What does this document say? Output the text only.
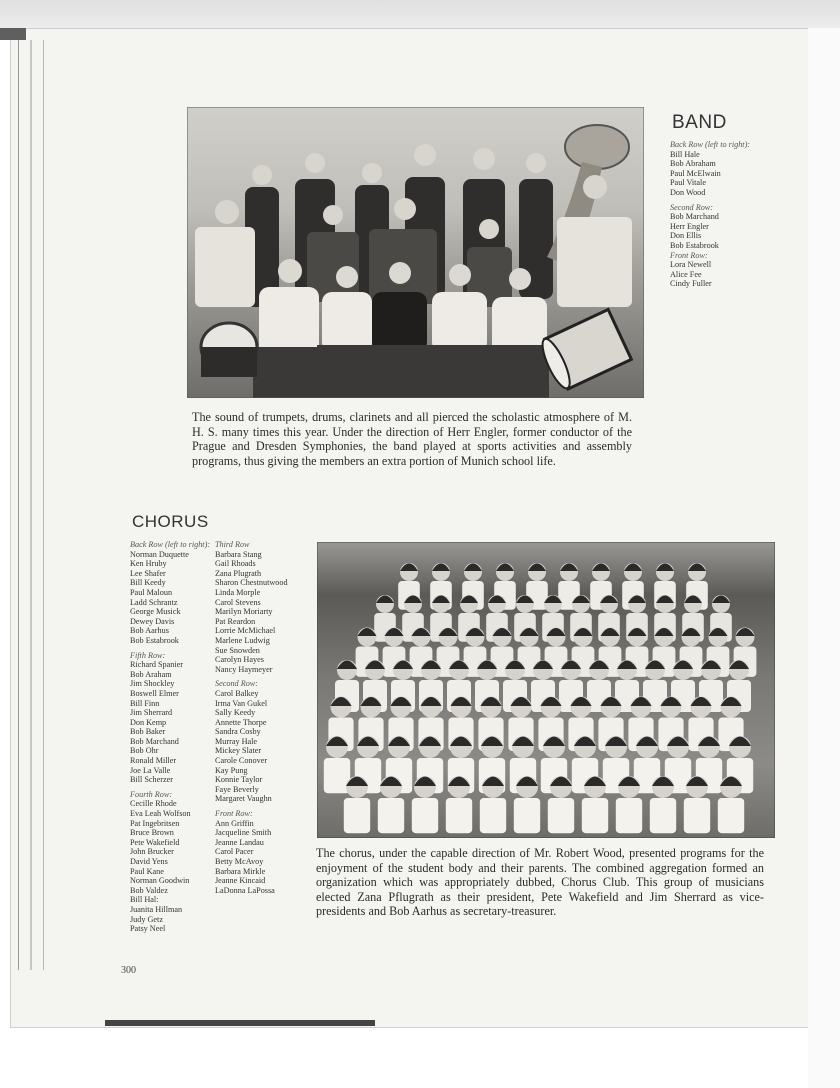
BAND
Back Row (left to right):
Bill Hale
Bob Abraham
Paul McElwain
Paul Vitale
Don Wood
Second Row:
Bob Marchand
Herr Engler
Don Ellis
Bob Estabrook
Front Row:
Lora Newell
Alice Fee
Cindy Fuller

The sound of trumpets, drums, clarinets and all pierced the scholastic atmosphere of M. H. S. many times this year. Under the direction of Herr Engler, former conductor of the Prague and Dresden Symphonies, the band played at sports activities and assembly programs, thus giving the members an extra portion of Munich school life.

CHORUS
Back Row (left to right):
Norman Duquette
Ken Hruby
Lee Shafer
Bill Keedy
Paul Maloun
Ladd Schrantz
George Musick
Dewey Davis
Bob Aarhus
Bob Estabrook
Fifth Row:
Richard Spanier
Bob Araham
Jim Shockley
Boswell Elmer
Bill Finn
Jim Sherrard
Don Kemp
Bob Baker
Bob Marchand
Bob Ohr
Ronald Miller
Joe La Valle
Bill Scherzer
Fourth Row:
Cecille Rhode
Eva Leah Wolfson
Pat Ingebritsen
Bruce Brown
Pete Wakefield
John Brucker
David Yens
Paul Kane
Norman Goodwin
Bob Valdez
Bill Hal:
Juanita Hillman
Judy Getz
Patsy Neel
Third Row
Barbara Stang
Gail Rhoads
Zana Plugrath
Sharon Chestnutwood
Linda Morple
Carol Stevens
Marilyn Moriarty
Pat Reardon
Lorrie McMichael
Marlene Ludwig
Sue Snowden
Carolyn Hayes
Nancy Haymeyer
Second Row:
Carol Balkey
Irma Van Gukel
Sally Keedy
Annette Thorpe
Sandra Cosby
Murray Hale
Mickey Slater
Carole Conover
Kay Pung
Konnie Taylor
Faye Beverly
Margaret Vaughn
Front Row:
Ann Griffin
Jacqueline Smith
Jeanne Landau
Carol Pacer
Betty McAvoy
Barbara Mirkle
Jeanne Kincaid
LaDonna LaPossa

The chorus, under the capable direction of Mr. Robert Wood, presented programs for the enjoyment of the student body and their parents. The combined aggregation formed an organization which was appropriately dubbed, Chorus Club. This group of musicians elected Zana Pflugrath as their president, Pete Wakefield and Jim Sherrard as vice-presidents and Bob Aarhus as secretary-treasurer.

300
